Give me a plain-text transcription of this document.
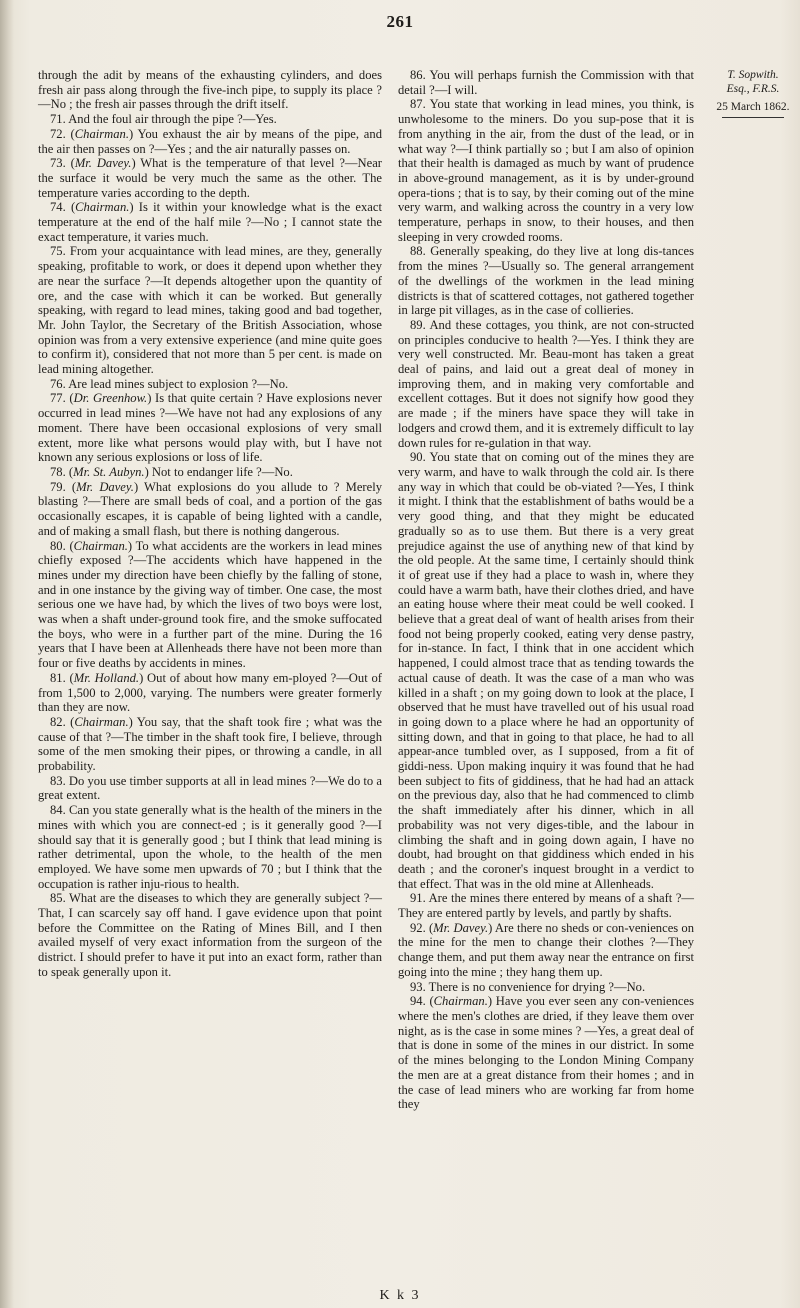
261

through the adit by means of the exhausting cylinders, and does fresh air pass along through the five-inch pipe, to supply its place ?—No ; the fresh air passes through the drift itself.

71. And the foul air through the pipe ?—Yes.

72. (Chairman.) You exhaust the air by means of the pipe, and the air then passes on ?—Yes ; and the air naturally passes on.

73. (Mr. Davey.) What is the temperature of that level ?—Near the surface it would be very much the same as the other. The temperature varies according to the depth.

74. (Chairman.) Is it within your knowledge what is the exact temperature at the end of the half mile ?—No ; I cannot state the exact temperature, it varies much.

75. From your acquaintance with lead mines, are they, generally speaking, profitable to work, or does it depend upon whether they are near the surface ?—It depends altogether upon the quantity of ore, and the case with which it can be worked. But generally speaking, with regard to lead mines, taking good and bad together, Mr. John Taylor, the Secretary of the British Association, whose opinion was from a very extensive experience (and mine quite goes to confirm it), considered that not more than 5 per cent. is made on lead mining altogether.

76. Are lead mines subject to explosion ?—No.

77. (Dr. Greenhow.) Is that quite certain ? Have explosions never occurred in lead mines ?—We have not had any explosions of any moment. There have been occasional explosions of very small extent, more like what persons would play with, but I have not known any serious explosions or loss of life.

78. (Mr. St. Aubyn.) Not to endanger life ?—No.

79. (Mr. Davey.) What explosions do you allude to ? Merely blasting ?—There are small beds of coal, and a portion of the gas occasionally escapes, it is capable of being lighted with a candle, and of making a small flash, but there is nothing dangerous.

80. (Chairman.) To what accidents are the workers in lead mines chiefly exposed ?—The accidents which have happened in the mines under my direction have been chiefly by the falling of stone, and in one instance by the giving way of timber. One case, the most serious one we have had, by which the lives of two boys were lost, was when a shaft under-ground took fire, and the smoke suffocated the boys, who were in a further part of the mine. During the 16 years that I have been at Allenheads there have not been more than four or five deaths by accidents in mines.

81. (Mr. Holland.) Out of about how many em-ployed ?—Out of from 1,500 to 2,000, varying. The numbers were greater formerly than they are now.

82. (Chairman.) You say, that the shaft took fire ; what was the cause of that ?—The timber in the shaft took fire, I believe, through some of the men smoking their pipes, or throwing a candle, in all probability.

83. Do you use timber supports at all in lead mines ?—We do to a great extent.

84. Can you state generally what is the health of the miners in the mines with which you are connect-ed ; is it generally good ?—I should say that it is generally good ; but I think that lead mining is rather detrimental, upon the whole, to the health of the men employed. We have some men upwards of 70 ; but I think that the occupation is rather inju-rious to health.

85. What are the diseases to which they are generally subject ?—That, I can scarcely say off hand. I gave evidence upon that point before the Committee on the Rating of Mines Bill, and I then availed myself of very exact information from the surgeon of the district. I should prefer to have it put into an exact form, rather than to speak generally upon it.

86. You will perhaps furnish the Commission with that detail ?—I will.

87. You state that working in lead mines, you think, is unwholesome to the miners. Do you sup-pose that it is from anything in the air, from the dust of the lead, or in what way ?—I think partially so ; but I am also of opinion that their health is damaged as much by want of prudence in above-ground management, as it is by under-ground opera-tions ; that is to say, by their coming out of the mine very warm, and walking across the country in a very low temperature, perhaps in snow, to their houses, and then sleeping in very crowded rooms.

88. Generally speaking, do they live at long dis-tances from the mines ?—Usually so. The general arrangement of the dwellings of the workmen in the lead mining districts is that of scattered cottages, not gathered together in large pit villages, as in the case of collieries.

89. And these cottages, you think, are not con-structed on principles conducive to health ?—Yes. I think they are very well constructed. Mr. Beau-mont has taken a great deal of pains, and laid out a great deal of money in improving them, and in making very comfortable and excellent cottages. But it does not signify how good they are made ; if the miners have space they will take in lodgers and crowd them, and it is extremely difficult to lay down rules for re-gulation in that way.

90. You state that on coming out of the mines they are very warm, and have to walk through the cold air. Is there any way in which that could be ob-viated ?—Yes, I think it might. I think that the establishment of baths would be a very good thing, and that they might be educated gradually so as to use them. But there is a very great prejudice against the use of anything new of that kind by the old people. At the same time, I certainly should think it of great use if they had a place to wash in, where they could have a warm bath, have their clothes dried, and have an eating house where their meat could be well cooked. I believe that a great deal of want of health arises from their food not being properly cooked, eating very dense pastry, for in-stance. In fact, I think that in one accident which happened, I could almost trace that as tending towards the actual cause of death. It was the case of a man who was killed in a shaft ; on my going down to look at the place, I observed that he must have travelled out of his usual road in going down to a place where he had an opportunity of sitting down, and that in going to that place, he had to all appear-ance tumbled over, as I supposed, from a fit of giddi-ness. Upon making inquiry it was found that he had been subject to fits of giddiness, that he had had an attack on the previous day, also that he had commenced to climb the shaft immediately after his dinner, which in all probability was not very diges-tible, and the labour in climbing the shaft and in going down again, I have no doubt, had brought on that giddiness which ended in his death ; and the coroner's inquest brought in a verdict to that effect. That was in the old mine at Allenheads.

91. Are the mines there entered by means of a shaft ?—They are entered partly by levels, and partly by shafts.

92. (Mr. Davey.) Are there no sheds or con-veniences on the mine for the men to change their clothes ?—They change them, and put them away near the entrance on first going into the mine ; they hang them up.

93. There is no convenience for drying ?—No.

94. (Chairman.) Have you ever seen any con-veniences where the men's clothes are dried, if they leave them over night, as is the case in some mines ? —Yes, a great deal of that is done in some of the mines in our district. In some of the mines belonging to the London Mining Company the men are at a great distance from their homes ; and in the case of lead miners who are working far from home they

T. Sopwith.
Esq., F.R.S.
25 March 1862.
K k 3
